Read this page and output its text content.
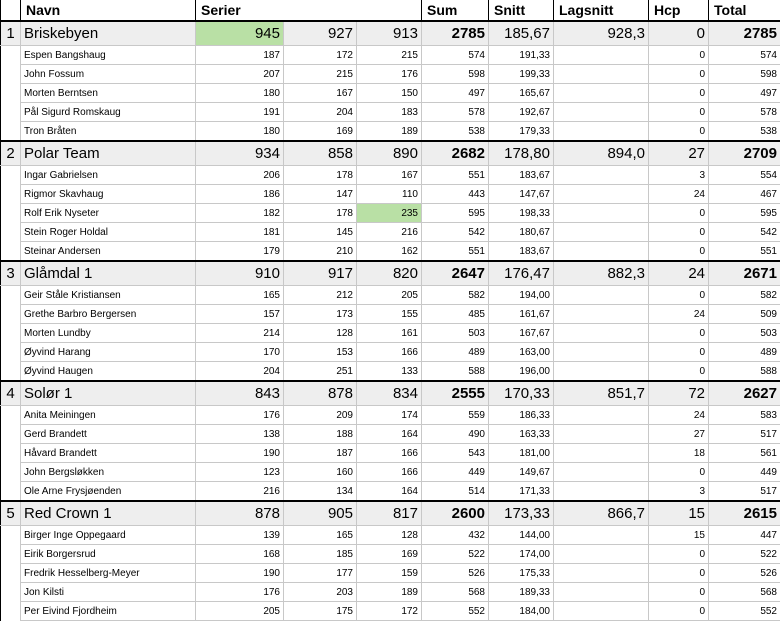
	Navn	Serier			Sum	Snitt	Lagsnitt	Hcp	Total
1	Briskebyen	945	927	913	2785	185,67	928,3	0	2785
	Espen Bangshaug	187	172	215	574	191,33		0	574
	John Fossum	207	215	176	598	199,33		0	598
	Morten Berntsen	180	167	150	497	165,67		0	497
	Pål Sigurd Romskaug	191	204	183	578	192,67		0	578
	Tron Bråten	180	169	189	538	179,33		0	538
2	Polar Team	934	858	890	2682	178,80	894,0	27	2709
	Ingar Gabrielsen	206	178	167	551	183,67		3	554
	Rigmor Skavhaug	186	147	110	443	147,67		24	467
	Rolf Erik Nyseter	182	178	235	595	198,33		0	595
	Stein Roger Holdal	181	145	216	542	180,67		0	542
	Steinar Andersen	179	210	162	551	183,67		0	551
3	Glåmdal 1	910	917	820	2647	176,47	882,3	24	2671
	Geir Ståle Kristiansen	165	212	205	582	194,00		0	582
	Grethe Barbro Bergersen	157	173	155	485	161,67		24	509
	Morten Lundby	214	128	161	503	167,67		0	503
	Øyvind Harang	170	153	166	489	163,00		0	489
	Øyvind Haugen	204	251	133	588	196,00		0	588
4	Solør 1	843	878	834	2555	170,33	851,7	72	2627
	Anita Meiningen	176	209	174	559	186,33		24	583
	Gerd Brandett	138	188	164	490	163,33		27	517
	Håvard Brandett	190	187	166	543	181,00		18	561
	John Bergsløkken	123	160	166	449	149,67		0	449
	Ole Arne Frysjøenden	216	134	164	514	171,33		3	517
5	Red Crown 1	878	905	817	2600	173,33	866,7	15	2615
	Birger Inge Oppegaard	139	165	128	432	144,00		15	447
	Eirik Borgersrud	168	185	169	522	174,00		0	522
	Fredrik Hesselberg-Meyer	190	177	159	526	175,33		0	526
	Jon Kilsti	176	203	189	568	189,33		0	568
	Per Eivind Fjordheim	205	175	172	552	184,00		0	552
